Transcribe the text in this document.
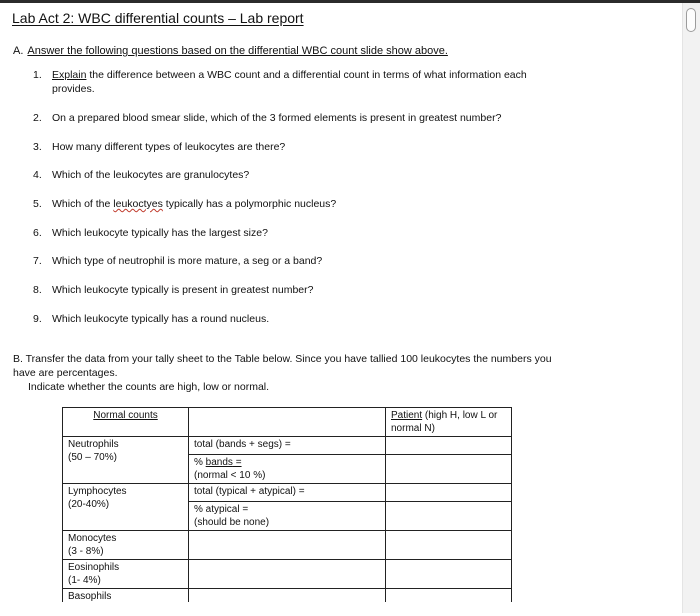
Lab Act 2: WBC differential counts – Lab report
A. Answer the following questions based on the differential WBC count slide show above.
1. Explain the difference between a WBC count and a differential count in terms of what information each provides.
2. On a prepared blood smear slide, which of the 3 formed elements is present in greatest number?
3. How many different types of leukocytes are there?
4. Which of the leukocytes are granulocytes?
5. Which of the leukoctyes typically has a polymorphic nucleus?
6. Which leukocyte typically has the largest size?
7. Which type of neutrophil is more mature, a seg or a band?
8. Which leukocyte typically is present in greatest number?
9. Which leukocyte typically has a round nucleus.
B. Transfer the data from your tally sheet to the Table below. Since you have tallied 100 leukocytes the numbers you have are percentages.
Indicate whether the counts are high, low or normal.
Normal counts		Patient (high H, low L or normal N)

Neutrophils
(50 – 70%)	total (bands + segs) =	

	% bands =
(normal < 10 %)	

Lymphocytes
(20-40%)	total (typical + atypical) =	

	% atypical =
(should be none)	

Monocytes
(3 - 8%)		

Eosinophils
(1- 4%)		

Basophils		
